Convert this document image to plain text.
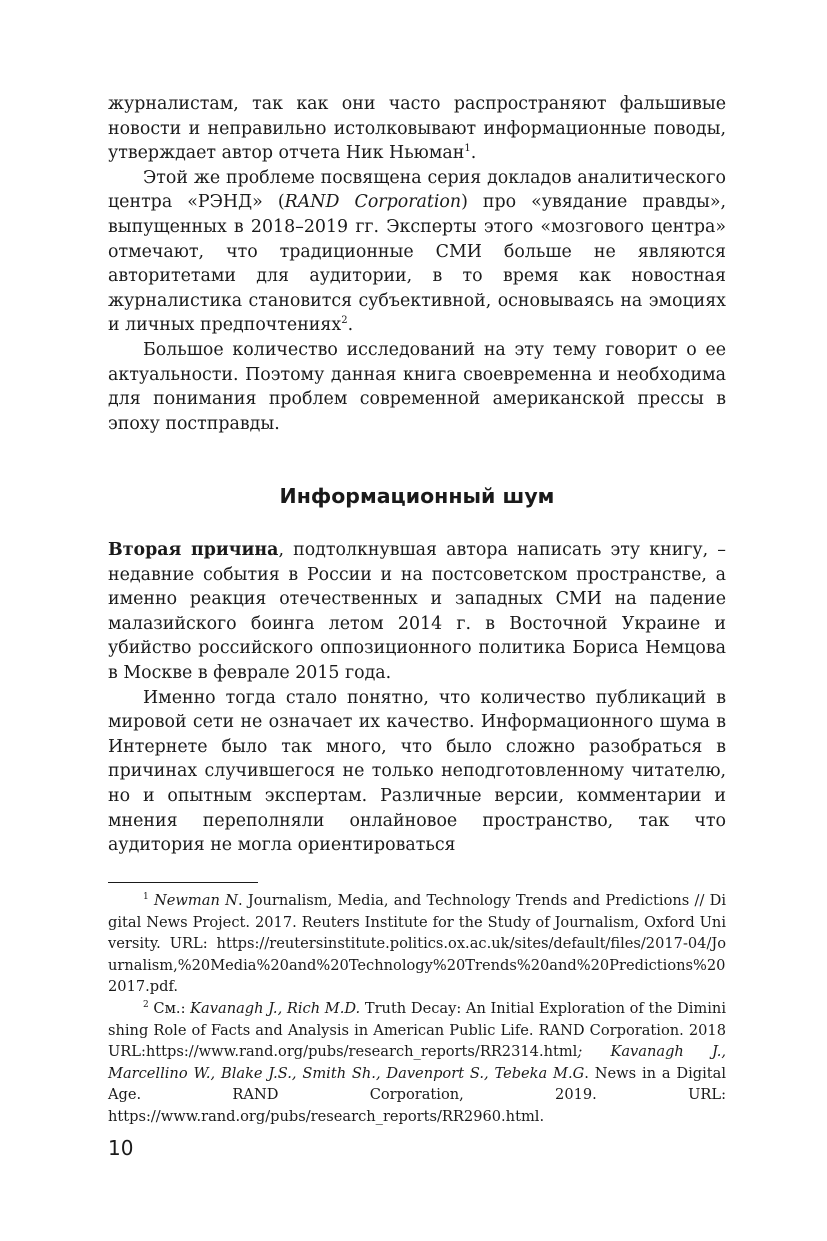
журналистам, так как они часто распространяют фальшивые новости и неправильно истолковывают информационные поводы, утверждает автор отчета Ник Ньюман$^1$.

Этой же проблеме посвящена серия докладов аналитического центра «РЭНД» (RAND Corporation) про «увядание правды», выпущенных в 2018–2019 гг. Эксперты этого «мозгового центра» отмечают, что традиционные СМИ больше не являются авторитетами для аудитории, в то время как новостная журналистика становится субъективной, основываясь на эмоциях и личных предпочтениях$^2$.

Большое количество исследований на эту тему говорит о ее актуальности. Поэтому данная книга своевременна и необходима для понимания проблем современной американской прессы в эпоху постправды.

Информационный шум

Вторая причина, подтолкнувшая автора написать эту книгу, – недавние события в России и на постсоветском пространстве, а именно реакция отечественных и западных СМИ на падение малазийского боинга летом 2014 г. в Восточной Украине и убийство российского оппозиционного политика Бориса Немцова в Москве в феврале 2015 года.

Именно тогда стало понятно, что количество публикаций в мировой сети не означает их качество. Информационного шума в Интернете было так много, что было сложно разобраться в причинах случившегося не только неподготовленному читателю, но и опытным экспертам. Различные версии, комментарии и мнения переполняли онлайновое пространство, так что аудитория не могла ориентироваться

$^1$ Newman N. Journalism, Media, and Technology Trends and Predictions // Digital News Project. 2017. Reuters Institute for the Study of Journalism, Oxford University. URL: https://reutersinstitute.politics.ox.ac.uk/sites/default/files/2017-04/Journalism,%20Media%20and%20Technology%20Trends%20and%20Predictions%202017.pdf.

$^2$ См.: Kavanagh J., Rich M.D. Truth Decay: An Initial Exploration of the Diminishing Role of Facts and Analysis in American Public Life. RAND Corporation. 2018 URL:https://www.rand.org/pubs/research_reports/RR2314.html; Kavanagh J., Marcellino W., Blake J.S., Smith Sh., Davenport S., Tebeka M.G. News in a Digital Age. RAND Corporation, 2019. URL: https://www.rand.org/pubs/research_reports/RR2960.html.

10
